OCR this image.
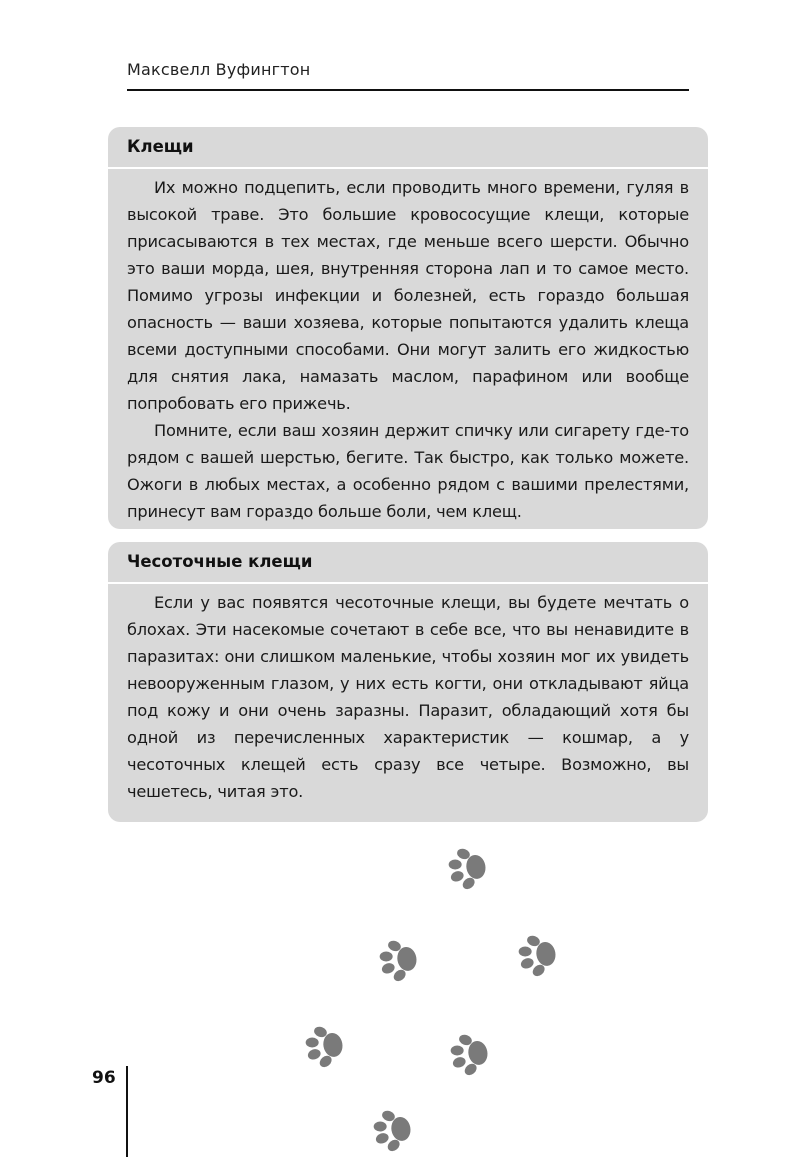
Максвелл Вуфингтон
Клещи

Их можно подцепить, если проводить много времени, гуляя в высокой траве. Это большие кровососущие клещи, которые присасываются в тех местах, где меньше всего шерсти. Обычно это ваши морда, шея, внутренняя сторона лап и то самое место. Помимо угрозы инфекции и болезней, есть гораздо большая опасность — ваши хозяева, которые попытаются удалить клеща всеми доступными способами. Они могут залить его жидкостью для снятия лака, намазать маслом, парафином или вообще попробовать его прижечь.

Помните, если ваш хозяин держит спичку или сигарету где-то рядом с вашей шерстью, бегите. Так быстро, как только можете. Ожоги в любых местах, а особенно рядом с вашими прелестями, принесут вам гораздо больше боли, чем клещ.

Чесоточные клещи

Если у вас появятся чесоточные клещи, вы будете мечтать о блохах. Эти насекомые сочетают в себе все, что вы ненавидите в паразитах: они слишком маленькие, чтобы хозяин мог их увидеть невооруженным глазом, у них есть когти, они откладывают яйца под кожу и они очень заразны. Паразит, обладающий хотя бы одной из перечисленных характеристик — кошмар, а у чесоточных клещей есть сразу все четыре. Возможно, вы чешетесь, читая это.

96
